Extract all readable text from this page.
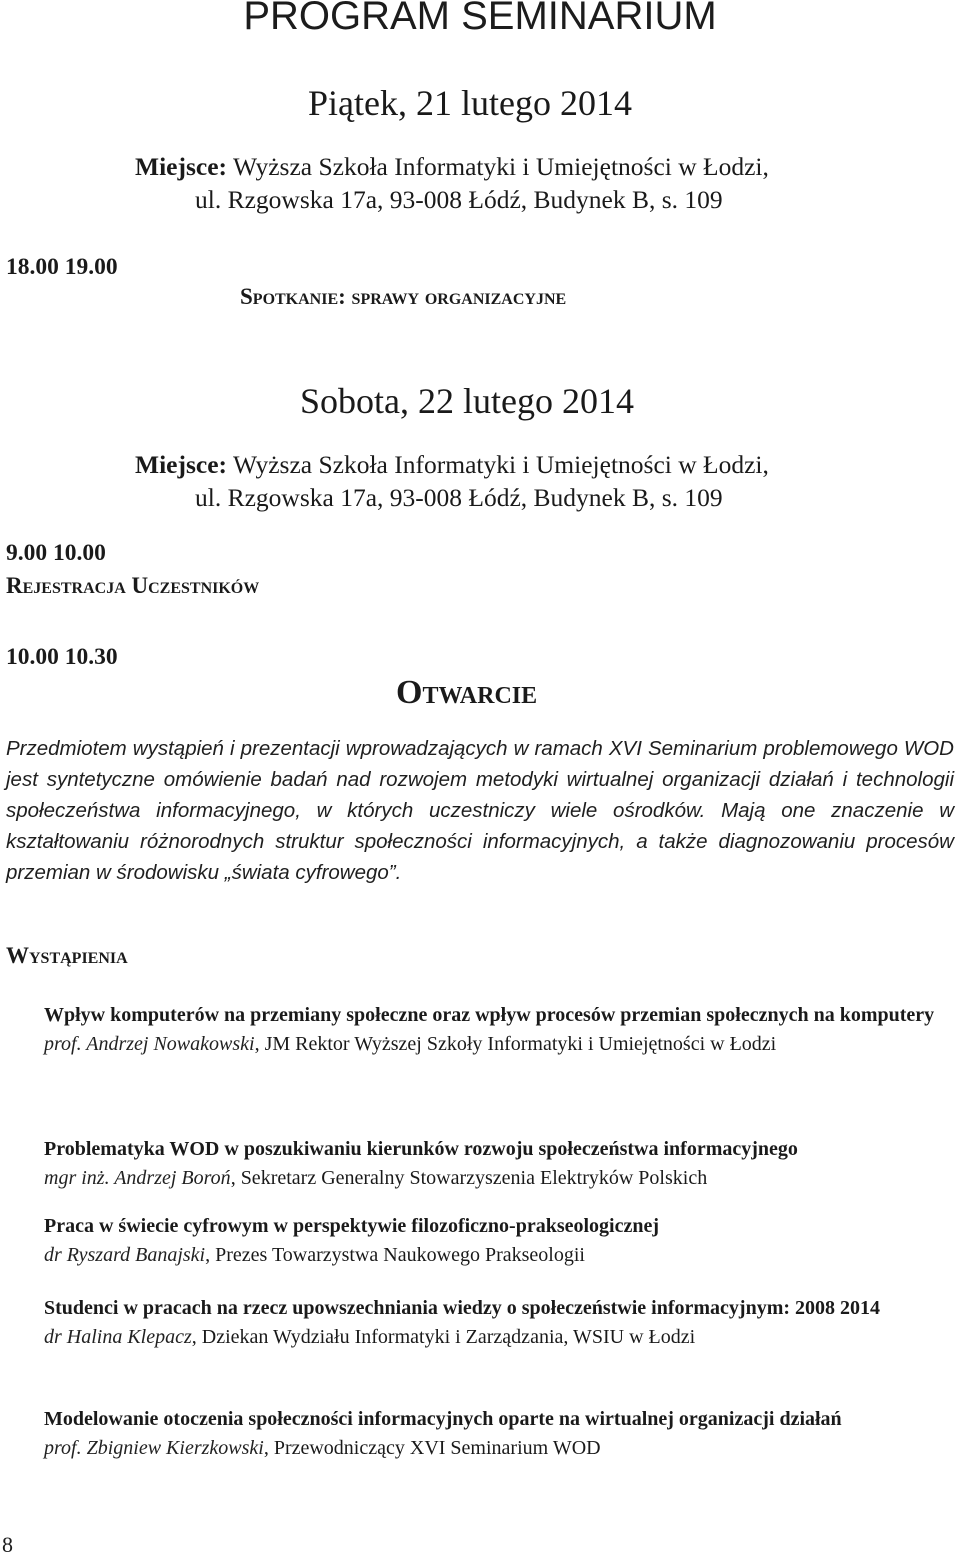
PROGRAM SEMINARIUM
Piątek, 21 lutego 2014
Miejsce: Wyższa Szkoła Informatyki i Umiejętności w Łodzi,
ul. Rzgowska 17a, 93-008 Łódź, Budynek B, s. 109
18.00 19.00
Spotkanie: sprawy organizacyjne
Sobota, 22 lutego 2014
Miejsce: Wyższa Szkoła Informatyki i Umiejętności w Łodzi,
ul. Rzgowska 17a, 93-008 Łódź, Budynek B, s. 109
9.00 10.00
Rejestracja Uczestników
10.00 10.30
Otwarcie

Przedmiotem wystąpień i prezentacji wprowadzających w ramach XVI Seminarium problemowego WOD jest syntetyczne omówienie badań nad rozwojem metodyki wirtualnej organizacji działań i technologii społeczeństwa informacyjnego, w których uczestniczy wiele ośrodków. Mają one znaczenie w kształtowaniu różnorodnych struktur społeczności informacyjnych, a także diagnozowaniu procesów przemian w środowisku „świata cyfrowego”.

Wystąpienia
Wpływ komputerów na przemiany społeczne oraz wpływ procesów przemian społecznych na komputery
prof. Andrzej Nowakowski, JM Rektor Wyższej Szkoły Informatyki i Umiejętności w Łodzi
Problematyka WOD w poszukiwaniu kierunków rozwoju społeczeństwa informacyjnego
mgr inż. Andrzej Boroń, Sekretarz Generalny Stowarzyszenia Elektryków Polskich
Praca w świecie cyfrowym w perspektywie filozoficzno-prakseologicznej
dr Ryszard Banajski, Prezes Towarzystwa Naukowego Prakseologii
Studenci w pracach na rzecz upowszechniania wiedzy o społeczeństwie informacyjnym: 2008 2014
dr Halina Klepacz, Dziekan Wydziału Informatyki i Zarządzania, WSIU w Łodzi
Modelowanie otoczenia społeczności informacyjnych oparte na wirtualnej organizacji działań
prof. Zbigniew Kierzkowski, Przewodniczący XVI Seminarium WOD
8
